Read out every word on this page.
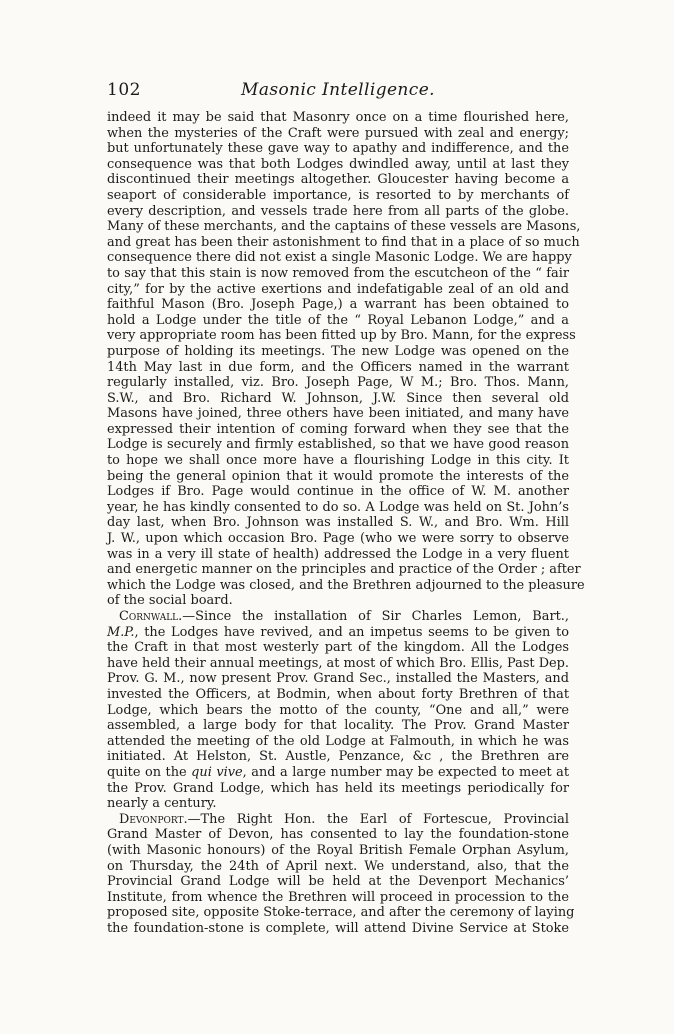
102	Masonic Intelligence.
indeed it may be said that Masonry once on a time flourished here,
when the mysteries of the Craft were pursued with zeal and energy;
but unfortunately these gave way to apathy and indifference, and the
consequence was that both Lodges dwindled away, until at last they
discontinued their meetings altogether. Gloucester having become a
seaport of considerable importance, is resorted to by merchants of
every description, and vessels trade here from all parts of the globe.
Many of these merchants, and the captains of these vessels are Masons,
and great has been their astonishment to find that in a place of so much
consequence there did not exist a single Masonic Lodge. We are happy
to say that this stain is now removed from the escutcheon of the “ fair
city,” for by the active exertions and indefatigable zeal of an old and
faithful Mason (Bro. Joseph Page,) a warrant has been obtained to
hold a Lodge under the title of the “ Royal Lebanon Lodge,” and a
very appropriate room has been fitted up by Bro. Mann, for the express
purpose of holding its meetings. The new Lodge was opened on the
14th May last in due form, and the Officers named in the warrant
regularly installed, viz. Bro. Joseph Page, W M.; Bro. Thos. Mann,
S.W., and Bro. Richard W. Johnson, J.W. Since then several old
Masons have joined, three others have been initiated, and many have
expressed their intention of coming forward when they see that the
Lodge is securely and firmly established, so that we have good reason
to hope we shall once more have a flourishing Lodge in this city. It
being the general opinion that it would promote the interests of the
Lodges if Bro. Page would continue in the office of W. M. another
year, he has kindly consented to do so. A Lodge was held on St. John’s
day last, when Bro. Johnson was installed S. W., and Bro. Wm. Hill
J. W., upon which occasion Bro. Page (who we were sorry to observe
was in a very ill state of health) addressed the Lodge in a very fluent
and energetic manner on the principles and practice of the Order ; after
which the Lodge was closed, and the Brethren adjourned to the pleasure
of the social board.
Cornwall.—Since the installation of Sir Charles Lemon, Bart.,
M.P., the Lodges have revived, and an impetus seems to be given to
the Craft in that most westerly part of the kingdom. All the Lodges
have held their annual meetings, at most of which Bro. Ellis, Past Dep.
Prov. G. M., now present Prov. Grand Sec., installed the Masters, and
invested the Officers, at Bodmin, when about forty Brethren of that
Lodge, which bears the motto of the county, “One and all,” were
assembled, a large body for that locality. The Prov. Grand Master
attended the meeting of the old Lodge at Falmouth, in which he was
initiated. At Helston, St. Austle, Penzance, &c , the Brethren are
quite on the qui vive, and a large number may be expected to meet at
the Prov. Grand Lodge, which has held its meetings periodically for
nearly a century.
Devonport.—The Right Hon. the Earl of Fortescue, Provincial
Grand Master of Devon, has consented to lay the foundation-stone
(with Masonic honours) of the Royal British Female Orphan Asylum,
on Thursday, the 24th of April next. We understand, also, that the
Provincial Grand Lodge will be held at the Devenport Mechanics’
Institute, from whence the Brethren will proceed in procession to the
proposed site, opposite Stoke-terrace, and after the ceremony of laying
the foundation-stone is complete, will attend Divine Service at Stoke
